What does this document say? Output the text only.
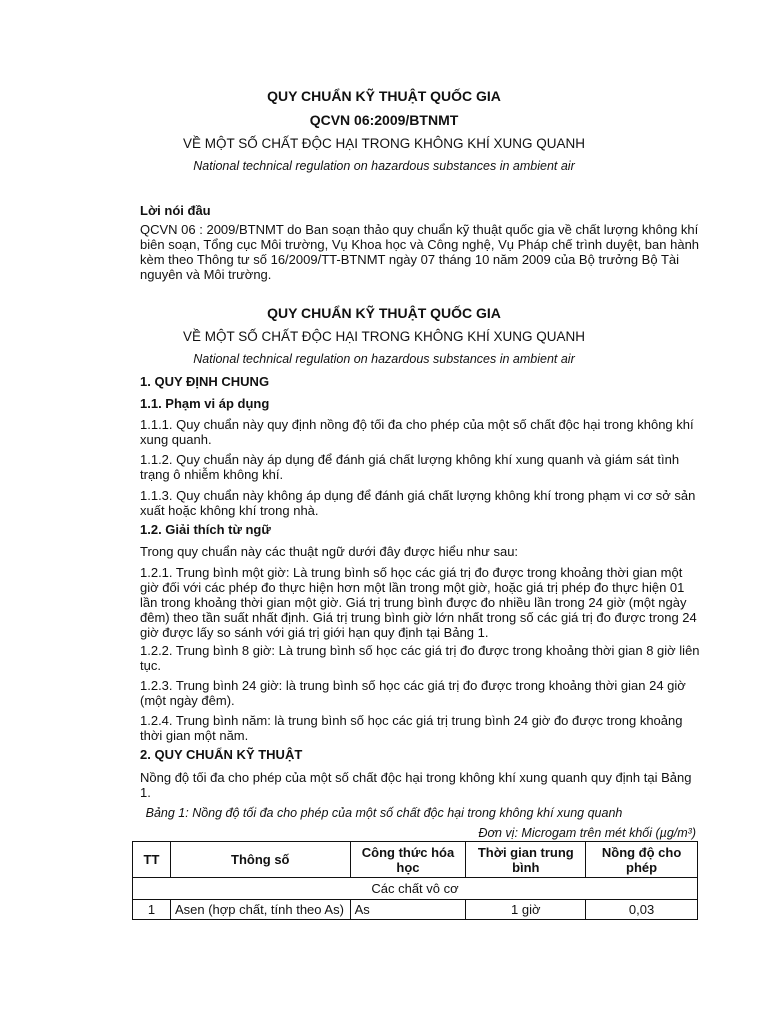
QUY CHUẨN KỸ THUẬT QUỐC GIA
QCVN 06:2009/BTNMT
VỀ MỘT SỐ CHẤT ĐỘC HẠI TRONG KHÔNG KHÍ XUNG QUANH
National technical regulation on hazardous substances in ambient air
Lời nói đầu
QCVN 06 : 2009/BTNMT do Ban soạn thảo quy chuẩn kỹ thuật quốc gia về chất lượng không khí biên soạn, Tổng cục Môi trường, Vụ Khoa học và Công nghệ, Vụ Pháp chế trình duyệt, ban hành kèm theo Thông tư số 16/2009/TT-BTNMT ngày 07 tháng 10 năm 2009 của Bộ trưởng Bộ Tài nguyên và Môi trường.
QUY CHUẨN KỸ THUẬT QUỐC GIA
VỀ MỘT SỐ CHẤT ĐỘC HẠI TRONG KHÔNG KHÍ XUNG QUANH
National technical regulation on hazardous substances in ambient air
1. QUY ĐỊNH CHUNG
1.1. Phạm vi áp dụng
1.1.1. Quy chuẩn này quy định nồng độ tối đa cho phép của một số chất độc hại trong không khí xung quanh.
1.1.2. Quy chuẩn này áp dụng để đánh giá chất lượng không khí xung quanh và giám sát tình trạng ô nhiễm không khí.
1.1.3. Quy chuẩn này không áp dụng để đánh giá chất lượng không khí trong phạm vi cơ sở sản xuất hoặc không khí trong nhà.
1.2. Giải thích từ ngữ
Trong quy chuẩn này các thuật ngữ dưới đây được hiểu như sau:
1.2.1. Trung bình một giờ: Là trung bình số học các giá trị đo được trong khoảng thời gian một giờ đối với các phép đo thực hiện hơn một lần trong một giờ, hoặc giá trị phép đo thực hiện 01 lần trong khoảng thời gian một giờ. Giá trị trung bình được đo nhiều lần trong 24 giờ (một ngày đêm) theo tần suất nhất định. Giá trị trung bình giờ lớn nhất trong số các giá trị đo được trong 24 giờ được lấy so sánh với giá trị giới hạn quy định tại Bảng 1.
1.2.2. Trung bình 8 giờ: Là trung bình số học các giá trị đo được trong khoảng thời gian 8 giờ liên tục.
1.2.3. Trung bình 24 giờ: là trung bình số học các giá trị đo được trong khoảng thời gian 24 giờ (một ngày đêm).
1.2.4. Trung bình năm: là trung bình số học các giá trị trung bình 24 giờ đo được trong khoảng thời gian một năm.
2. QUY CHUẨN KỸ THUẬT
Nồng độ tối đa cho phép của một số chất độc hại trong không khí xung quanh quy định tại Bảng 1.
Bảng 1: Nồng độ tối đa cho phép của một số chất độc hại trong không khí xung quanh
Đơn vị: Microgam trên mét khối (µg/m³)
TT	Thông số	Công thức hóa học	Thời gian trung bình	Nồng độ cho phép
Các chất vô cơ				
1	Asen (hợp chất, tính theo As)	As	1 giờ	0,03
